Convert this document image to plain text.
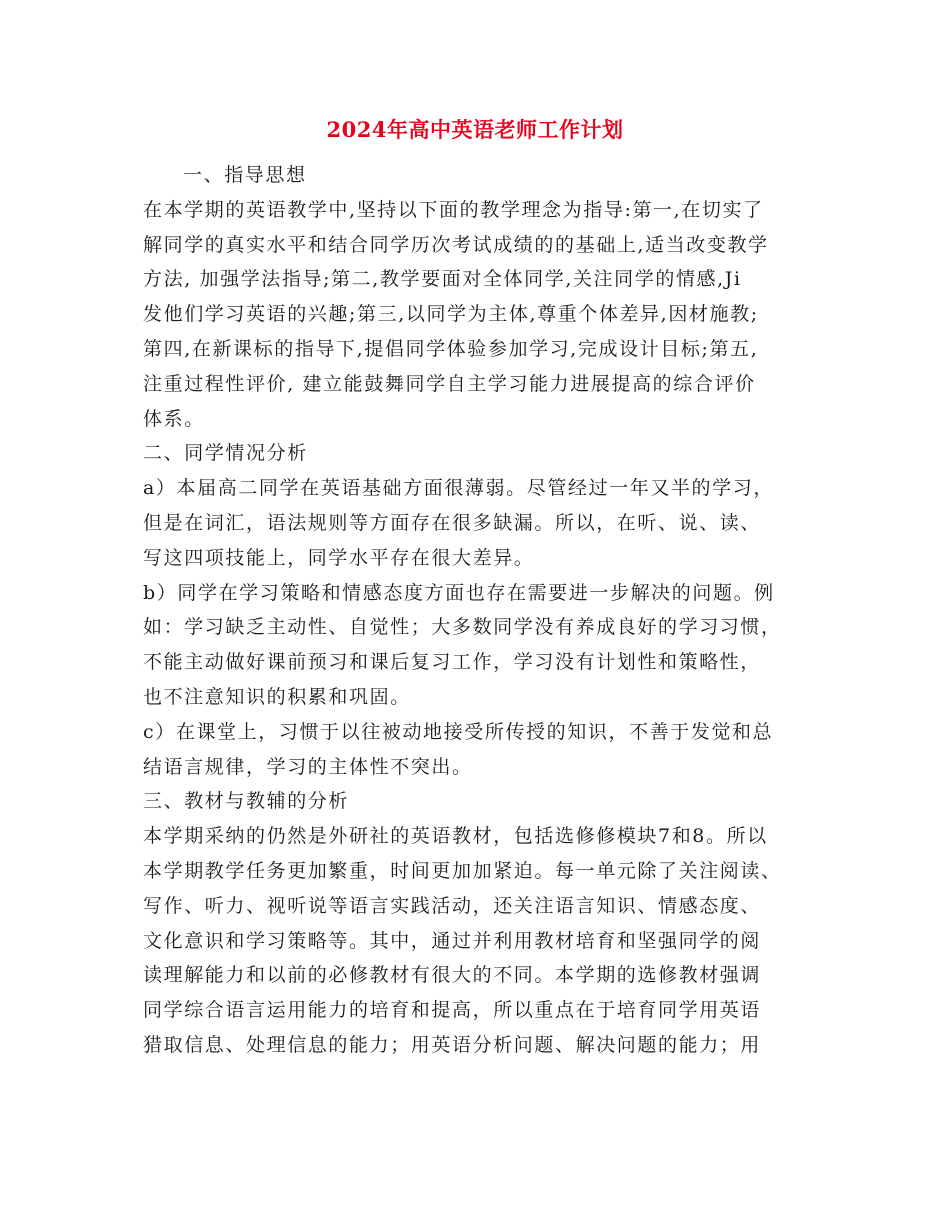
2024年高中英语老师工作计划
一、指导思想
在本学期的英语教学中,坚持以下面的教学理念为指导:第一,在切实了
解同学的真实水平和结合同学历次考试成绩的的基础上,适当改变教学
方法, 加强学法指导;第二,教学要面对全体同学,关注同学的情感,Ji
发他们学习英语的兴趣;第三,以同学为主体,尊重个体差异,因材施教;
第四,在新课标的指导下,提倡同学体验参加学习,完成设计目标;第五,
注重过程性评价, 建立能鼓舞同学自主学习能力进展提高的综合评价
体系。
二、同学情况分析
a）本届高二同学在英语基础方面很薄弱。尽管经过一年又半的学习，
但是在词汇，语法规则等方面存在很多缺漏。所以，在听、说、读、
写这四项技能上，同学水平存在很大差异。
b）同学在学习策略和情感态度方面也存在需要进一步解决的问题。例
如：学习缺乏主动性、自觉性；大多数同学没有养成良好的学习习惯，
不能主动做好课前预习和课后复习工作，学习没有计划性和策略性，
也不注意知识的积累和巩固。
c）在课堂上，习惯于以往被动地接受所传授的知识，不善于发觉和总
结语言规律，学习的主体性不突出。
三、教材与教辅的分析
本学期采纳的仍然是外研社的英语教材，包括选修修模块7和8。所以
本学期教学任务更加繁重，时间更加加紧迫。每一单元除了关注阅读、
写作、听力、视听说等语言实践活动，还关注语言知识、情感态度、
文化意识和学习策略等。其中，通过并利用教材培育和坚强同学的阅
读理解能力和以前的必修教材有很大的不同。本学期的选修教材强调
同学综合语言运用能力的培育和提高，所以重点在于培育同学用英语
猎取信息、处理信息的能力；用英语分析问题、解决问题的能力；用
